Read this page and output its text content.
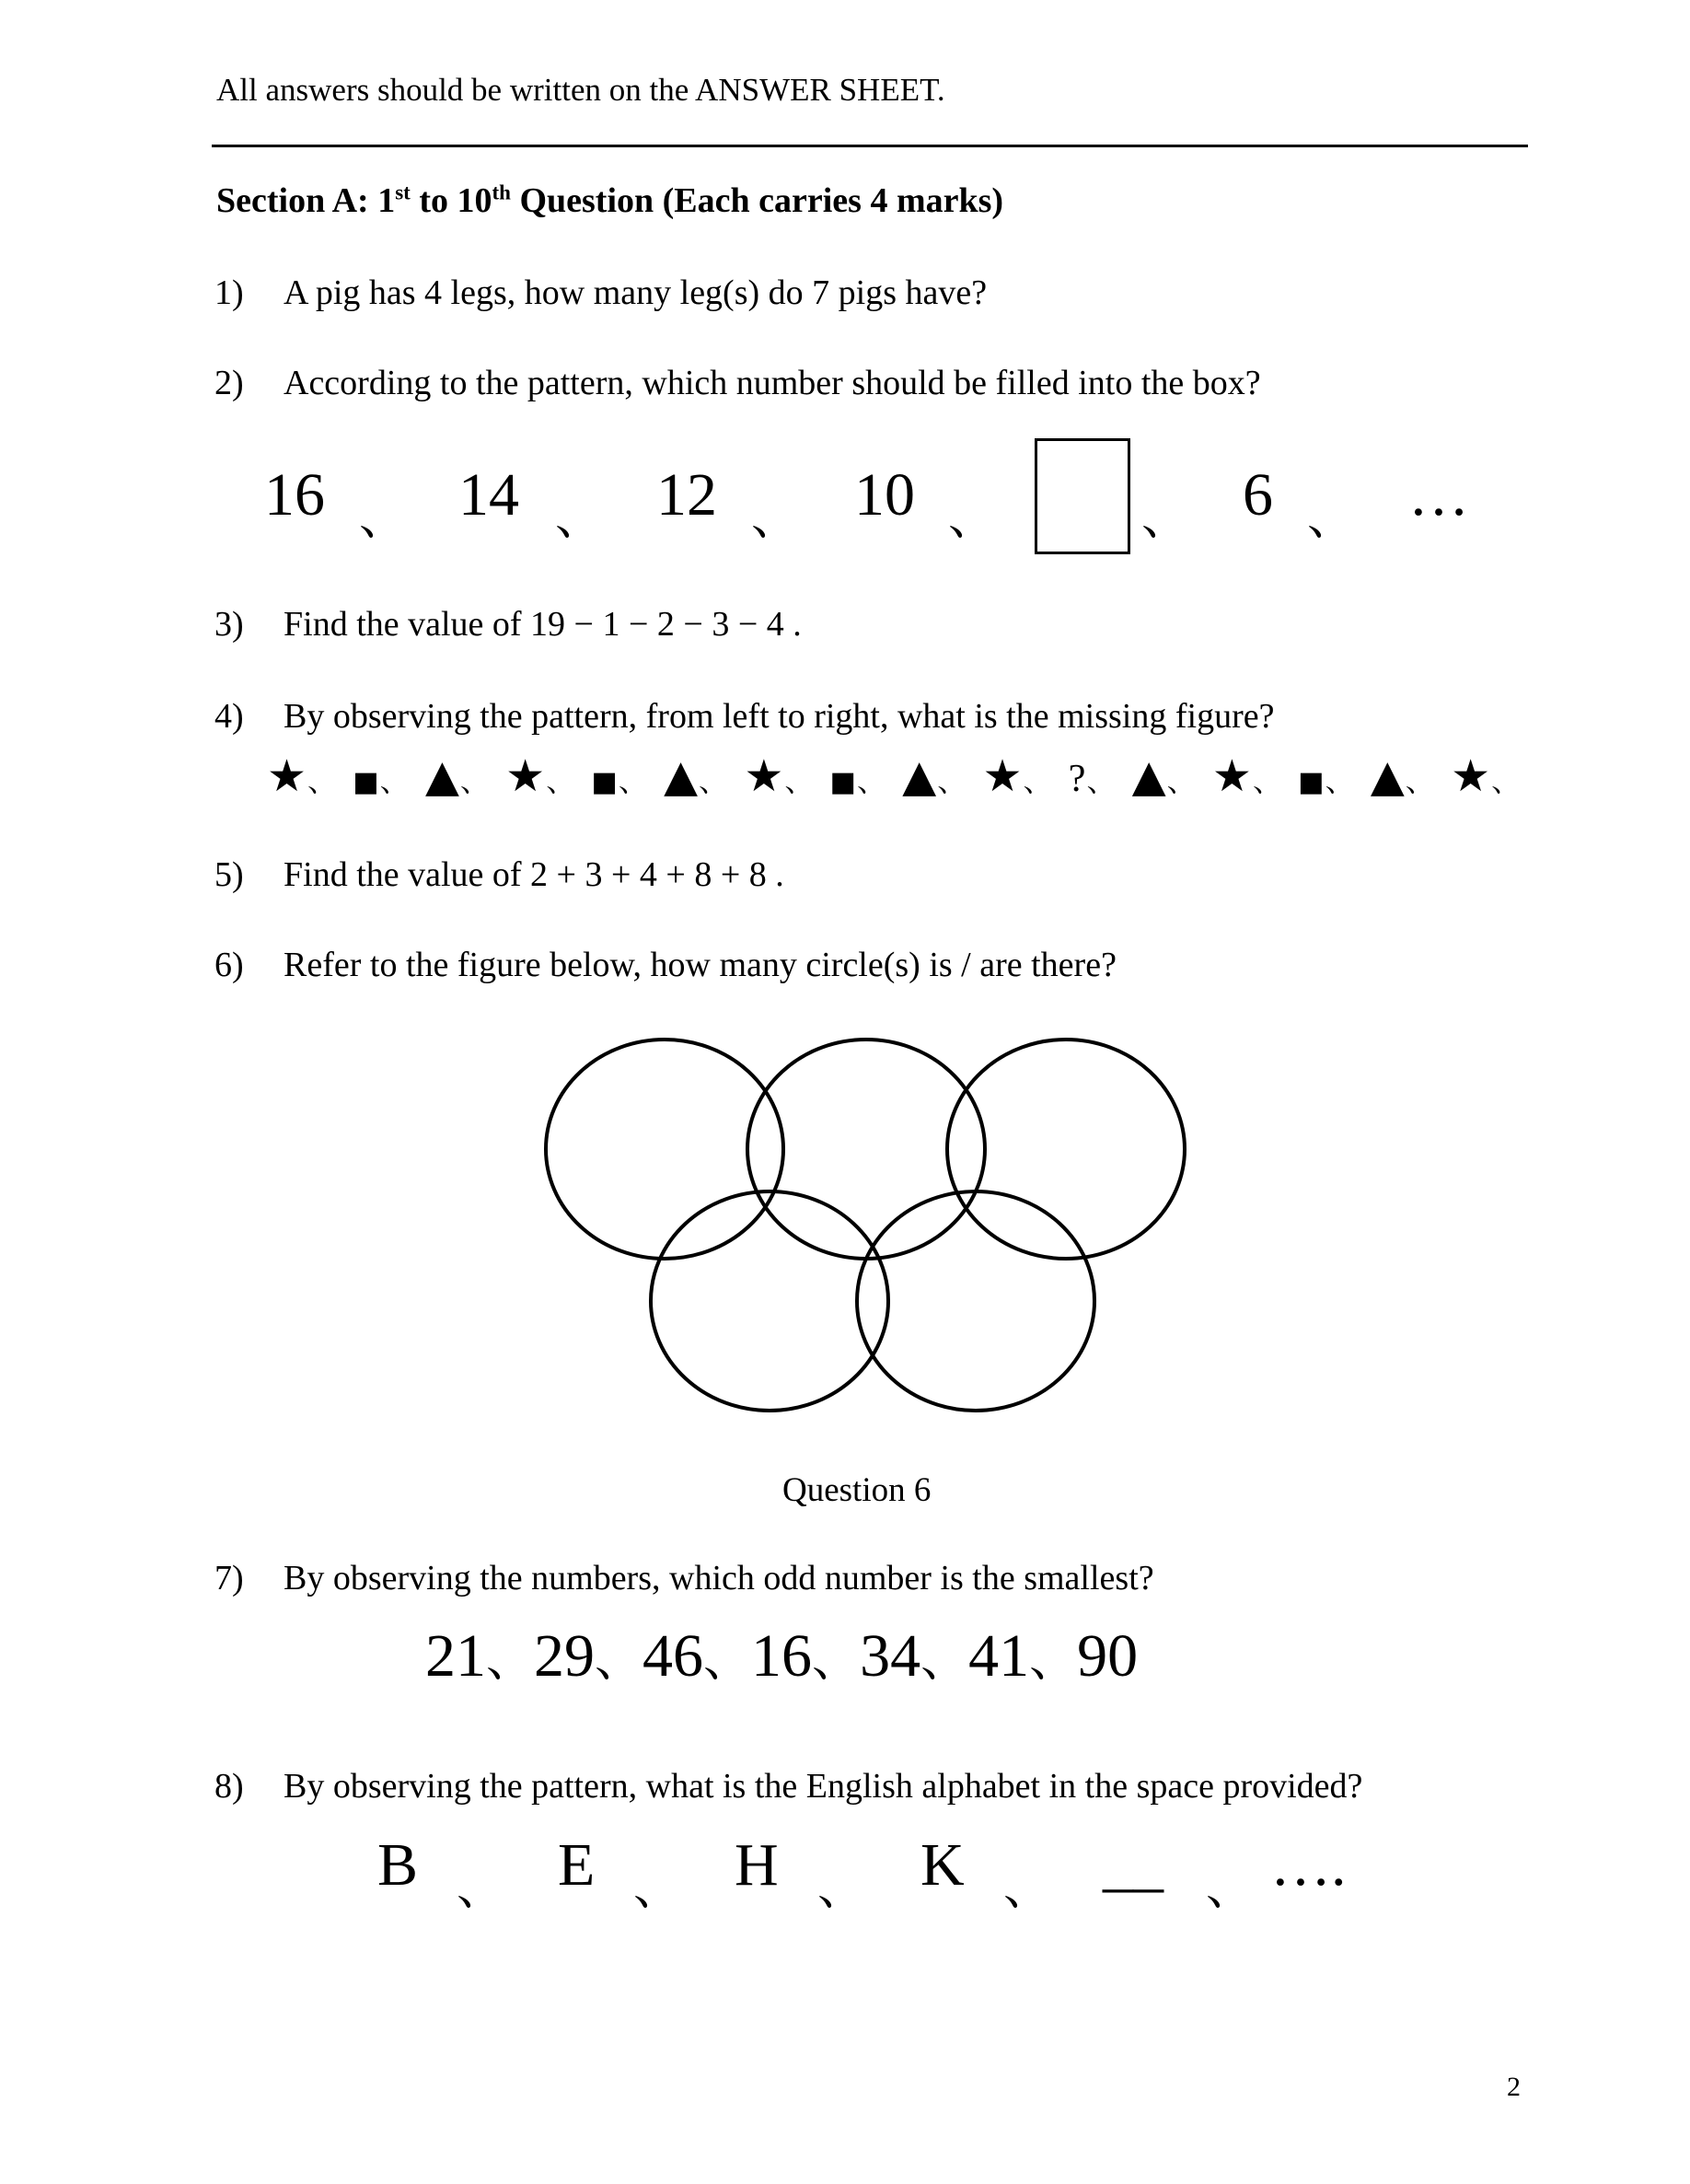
All answers should be written on the ANSWER SHEET.
Section A: 1st to 10th Question (Each carries 4 marks)
1) A pig has 4 legs, how many leg(s) do 7 pigs have?
2) According to the pattern, which number should be filled into the box?
16 、 14 、 12 、 10 、	、 6 、 …
3) Find the value of 19 − 1 − 2 − 3 − 4 .
4) By observing the pattern, from left to right, what is the missing figure?
★、 ■、 ▲、 ★、 ■、 ▲、 ★、 ■、 ▲、 ★、 ?、 ▲、 ★、 ■、 ▲、 ★、
5) Find the value of 2 + 3 + 4 + 8 + 8 .
6) Refer to the figure below, how many circle(s) is / are there?
Question 6
7) By observing the numbers, which odd number is the smallest?
21、29、46、16、34、41、90
8) By observing the pattern, what is the English alphabet in the space provided?
B 、 E 、 H 、 K 、 __ 、 ….
2
